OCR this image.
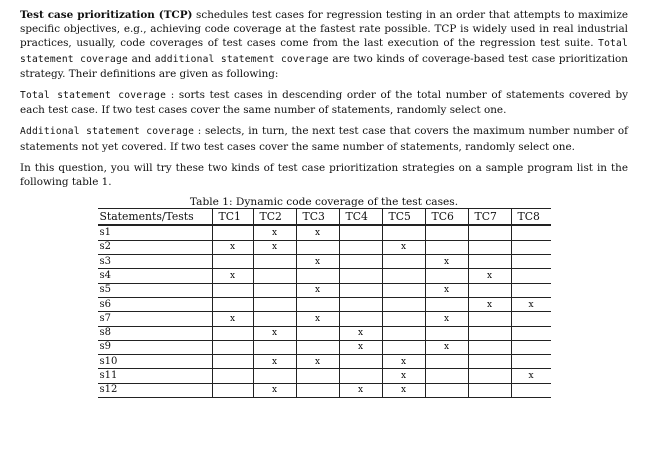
Test case prioritization (TCP) schedules test cases for regression testing in an order that attempts to maximize specific objectives, e.g., achieving code coverage at the fastest rate possible. TCP is widely used in real industrial practices, usually, code coverages of test cases come from the last execution of the regression test suite. Total statement coverage and additional statement coverage are two kinds of coverage-based test case prioritization strategy. Their definitions are given as following:

Total statement coverage : sorts test cases in descending order of the total number of statements covered by each test case. If two test cases cover the same number of statements, randomly select one.

Additional statement coverage : selects, in turn, the next test case that covers the maximum number number of statements not yet covered. If two test cases cover the same number of statements, randomly select one.

In this question, you will try these two kinds of test case prioritization strategies on a sample program list in the following table 1.

Table 1: Dynamic code coverage of the test cases.
Statements/Tests	TC1	TC2	TC3	TC4	TC5	TC6	TC7	TC8
s1		x	x					
s2	x	x			x			
s3			x			x		
s4	x						x	
s5			x			x		
s6							x	x
s7	x		x			x		
s8		x		x				
s9				x		x		
s10		x	x		x			
s11					x			x
s12		x		x	x			
